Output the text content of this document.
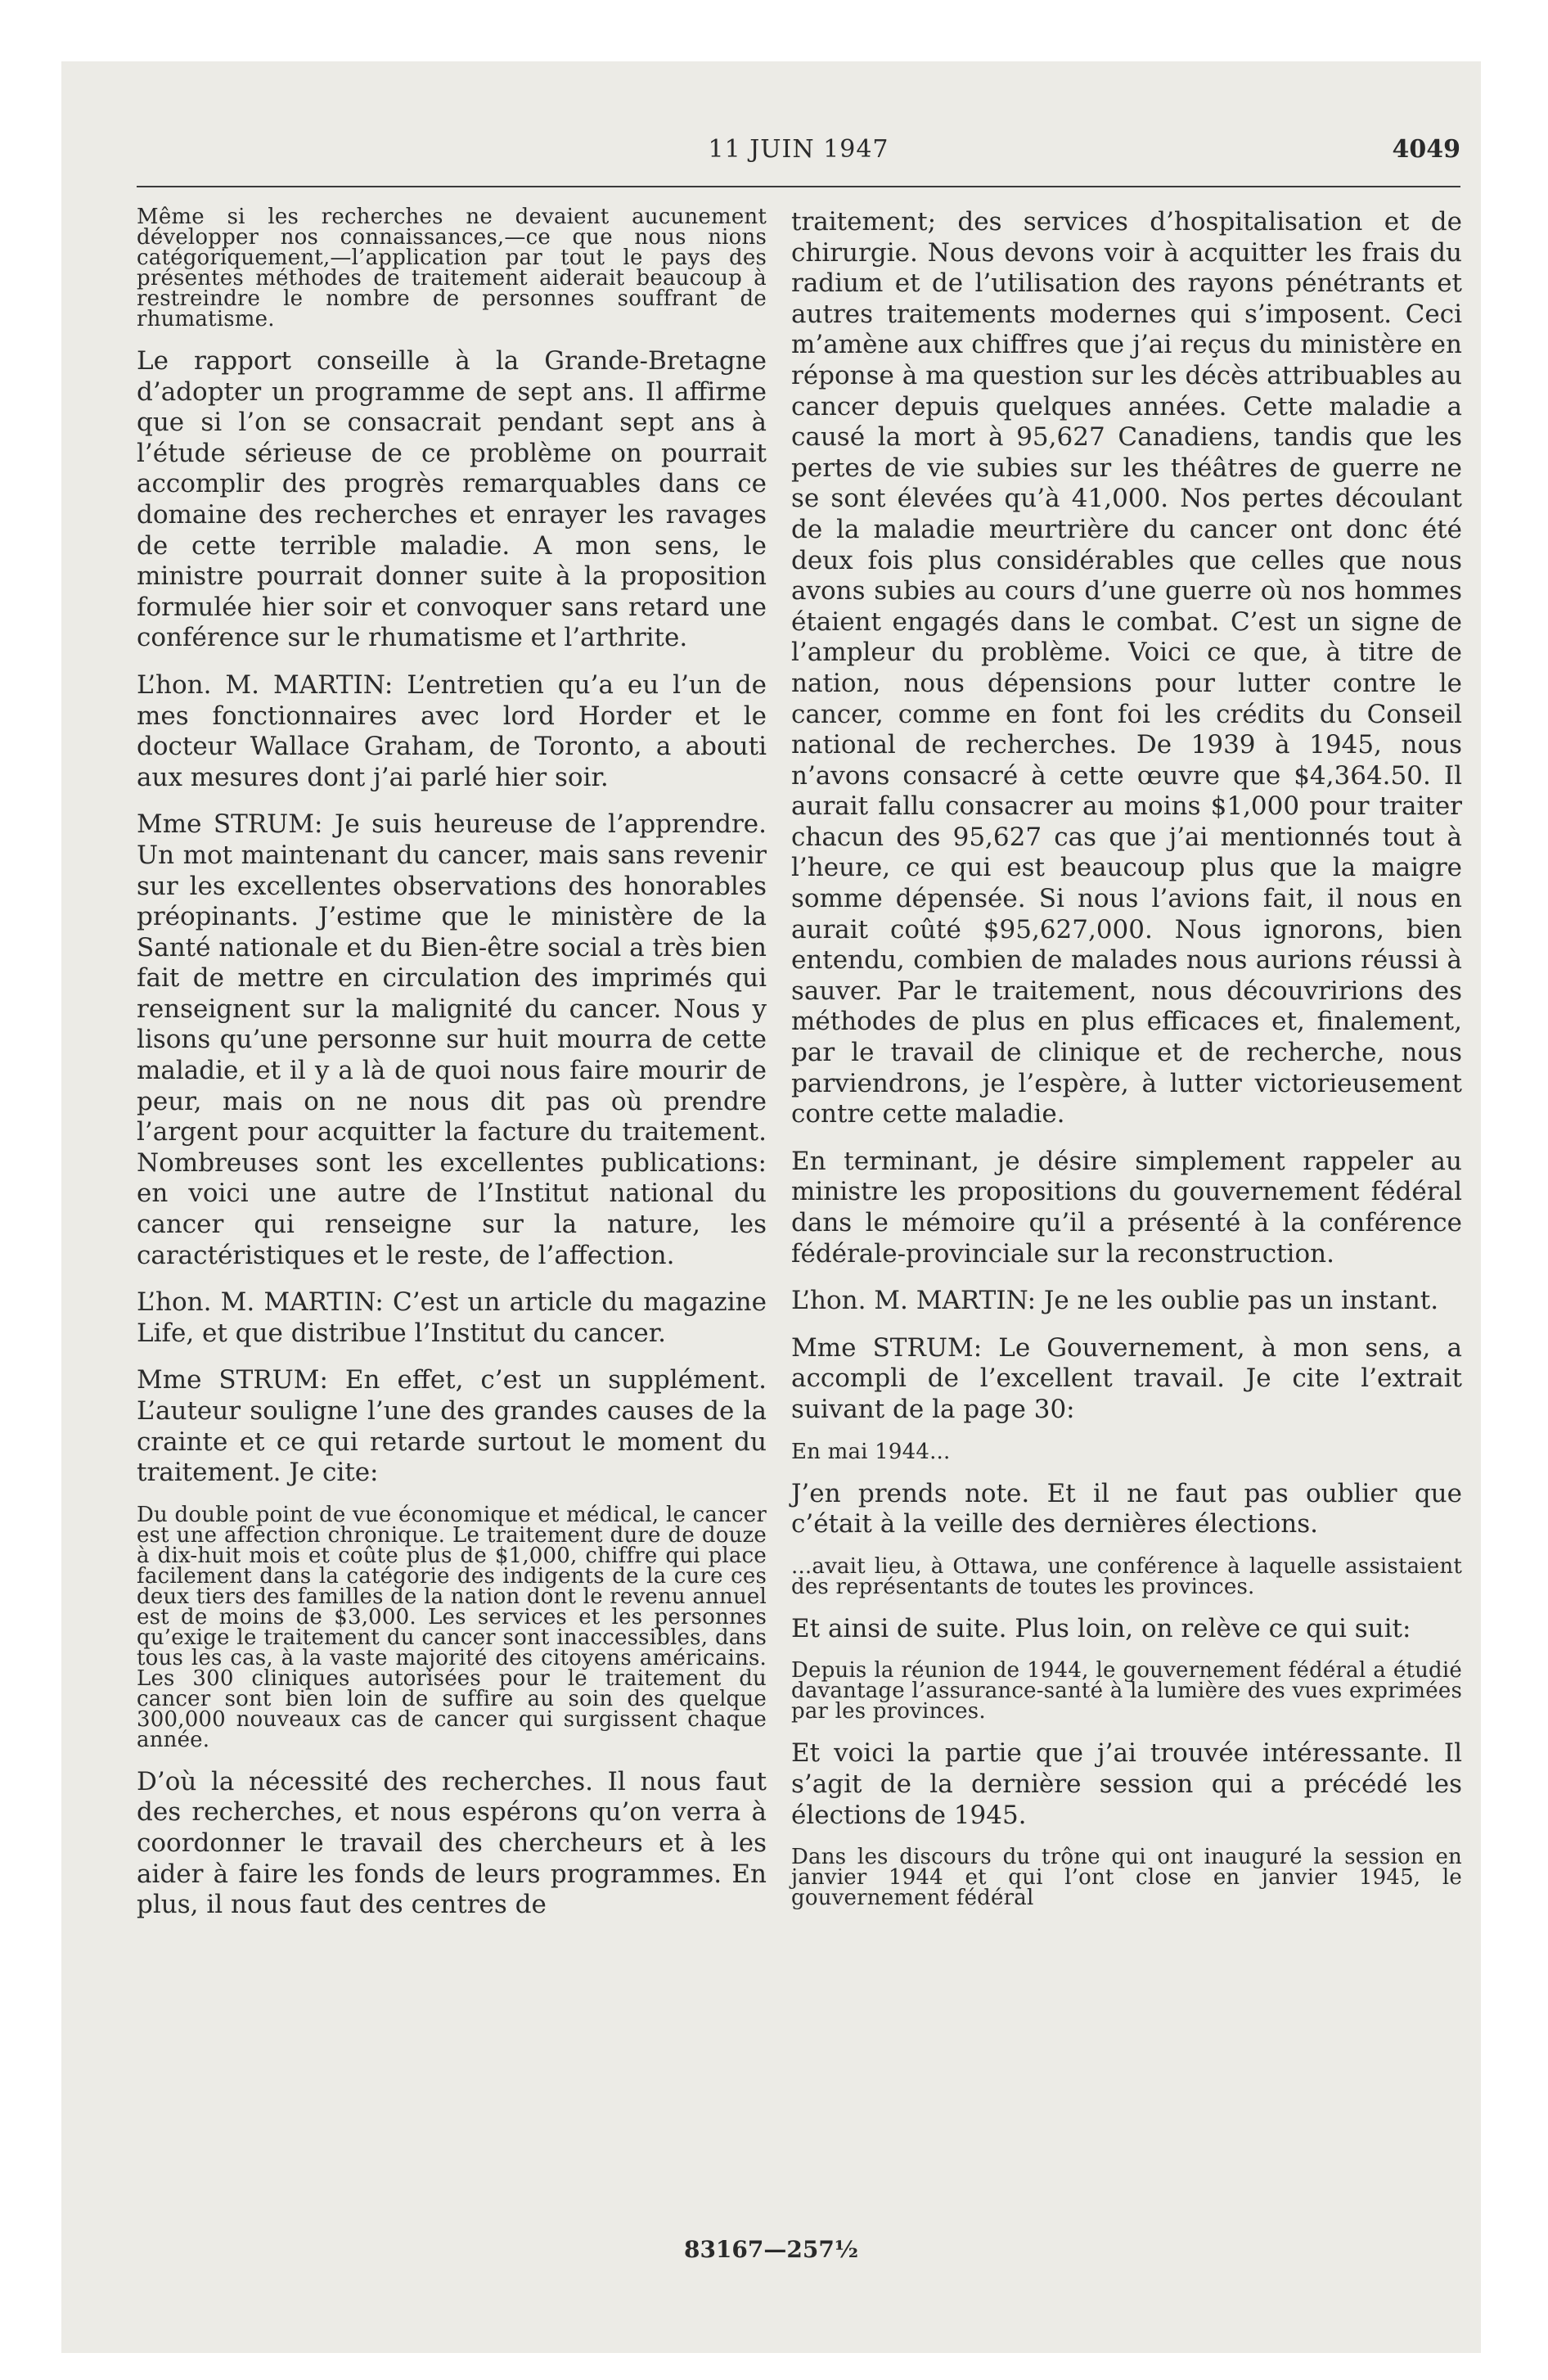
11 JUIN 1947	4049
Même si les recherches ne devaient aucunement développer nos connaissances,—ce que nous nions catégoriquement,—l’application par tout le pays des présentes méthodes de traitement aiderait beaucoup à restreindre le nombre de personnes souffrant de rhumatisme.
Le rapport conseille à la Grande-Bretagne d’adopter un programme de sept ans. Il affirme que si l’on se consacrait pendant sept ans à l’étude sérieuse de ce problème on pourrait accomplir des progrès remarquables dans ce domaine des recherches et enrayer les ravages de cette terrible maladie. A mon sens, le ministre pourrait donner suite à la proposition formulée hier soir et convoquer sans retard une conférence sur le rhumatisme et l’arthrite.
L’hon. M. MARTIN: L’entretien qu’a eu l’un de mes fonctionnaires avec lord Horder et le docteur Wallace Graham, de Toronto, a abouti aux mesures dont j’ai parlé hier soir.
Mme STRUM: Je suis heureuse de l’apprendre. Un mot maintenant du cancer, mais sans revenir sur les excellentes observations des honorables préopinants. J’estime que le ministère de la Santé nationale et du Bien-être social a très bien fait de mettre en circulation des imprimés qui renseignent sur la malignité du cancer. Nous y lisons qu’une personne sur huit mourra de cette maladie, et il y a là de quoi nous faire mourir de peur, mais on ne nous dit pas où prendre l’argent pour acquitter la facture du traitement. Nombreuses sont les excellentes publications: en voici une autre de l’Institut national du cancer qui renseigne sur la nature, les caractéristiques et le reste, de l’affection.
L’hon. M. MARTIN: C’est un article du magazine Life, et que distribue l’Institut du cancer.
Mme STRUM: En effet, c’est un supplément. L’auteur souligne l’une des grandes causes de la crainte et ce qui retarde surtout le moment du traitement. Je cite:
Du double point de vue économique et médical, le cancer est une affection chronique. Le traitement dure de douze à dix-huit mois et coûte plus de $1,000, chiffre qui place facilement dans la catégorie des indigents de la cure ces deux tiers des familles de la nation dont le revenu annuel est de moins de $3,000. Les services et les personnes qu’exige le traitement du cancer sont inaccessibles, dans tous les cas, à la vaste majorité des citoyens américains. Les 300 cliniques autorisées pour le traitement du cancer sont bien loin de suffire au soin des quelque 300,000 nouveaux cas de cancer qui surgissent chaque année.
D’où la nécessité des recherches. Il nous faut des recherches, et nous espérons qu’on verra à coordonner le travail des chercheurs et à les aider à faire les fonds de leurs programmes. En plus, il nous faut des centres de
traitement; des services d’hospitalisation et de chirurgie. Nous devons voir à acquitter les frais du radium et de l’utilisation des rayons pénétrants et autres traitements modernes qui s’imposent. Ceci m’amène aux chiffres que j’ai reçus du ministère en réponse à ma question sur les décès attribuables au cancer depuis quelques années. Cette maladie a causé la mort à 95,627 Canadiens, tandis que les pertes de vie subies sur les théâtres de guerre ne se sont élevées qu’à 41,000. Nos pertes découlant de la maladie meurtrière du cancer ont donc été deux fois plus considérables que celles que nous avons subies au cours d’une guerre où nos hommes étaient engagés dans le combat. C’est un signe de l’ampleur du problème. Voici ce que, à titre de nation, nous dépensions pour lutter contre le cancer, comme en font foi les crédits du Conseil national de recherches. De 1939 à 1945, nous n’avons consacré à cette œuvre que $4,364.50. Il aurait fallu consacrer au moins $1,000 pour traiter chacun des 95,627 cas que j’ai mentionnés tout à l’heure, ce qui est beaucoup plus que la maigre somme dépensée. Si nous l’avions fait, il nous en aurait coûté $95,627,000. Nous ignorons, bien entendu, combien de malades nous aurions réussi à sauver. Par le traitement, nous découvririons des méthodes de plus en plus efficaces et, finalement, par le travail de clinique et de recherche, nous parviendrons, je l’espère, à lutter victorieusement contre cette maladie.
En terminant, je désire simplement rappeler au ministre les propositions du gouvernement fédéral dans le mémoire qu’il a présenté à la conférence fédérale-provinciale sur la reconstruction.
L’hon. M. MARTIN: Je ne les oublie pas un instant.
Mme STRUM: Le Gouvernement, à mon sens, a accompli de l’excellent travail. Je cite l’extrait suivant de la page 30:
En mai 1944...
J’en prends note. Et il ne faut pas oublier que c’était à la veille des dernières élections.
...avait lieu, à Ottawa, une conférence à laquelle assistaient des représentants de toutes les provinces.
Et ainsi de suite. Plus loin, on relève ce qui suit:
Depuis la réunion de 1944, le gouvernement fédéral a étudié davantage l’assurance-santé à la lumière des vues exprimées par les provinces.
Et voici la partie que j’ai trouvée intéressante. Il s’agit de la dernière session qui a précédé les élections de 1945.
Dans les discours du trône qui ont inauguré la session en janvier 1944 et qui l’ont close en janvier 1945, le gouvernement fédéral
83167—257½
